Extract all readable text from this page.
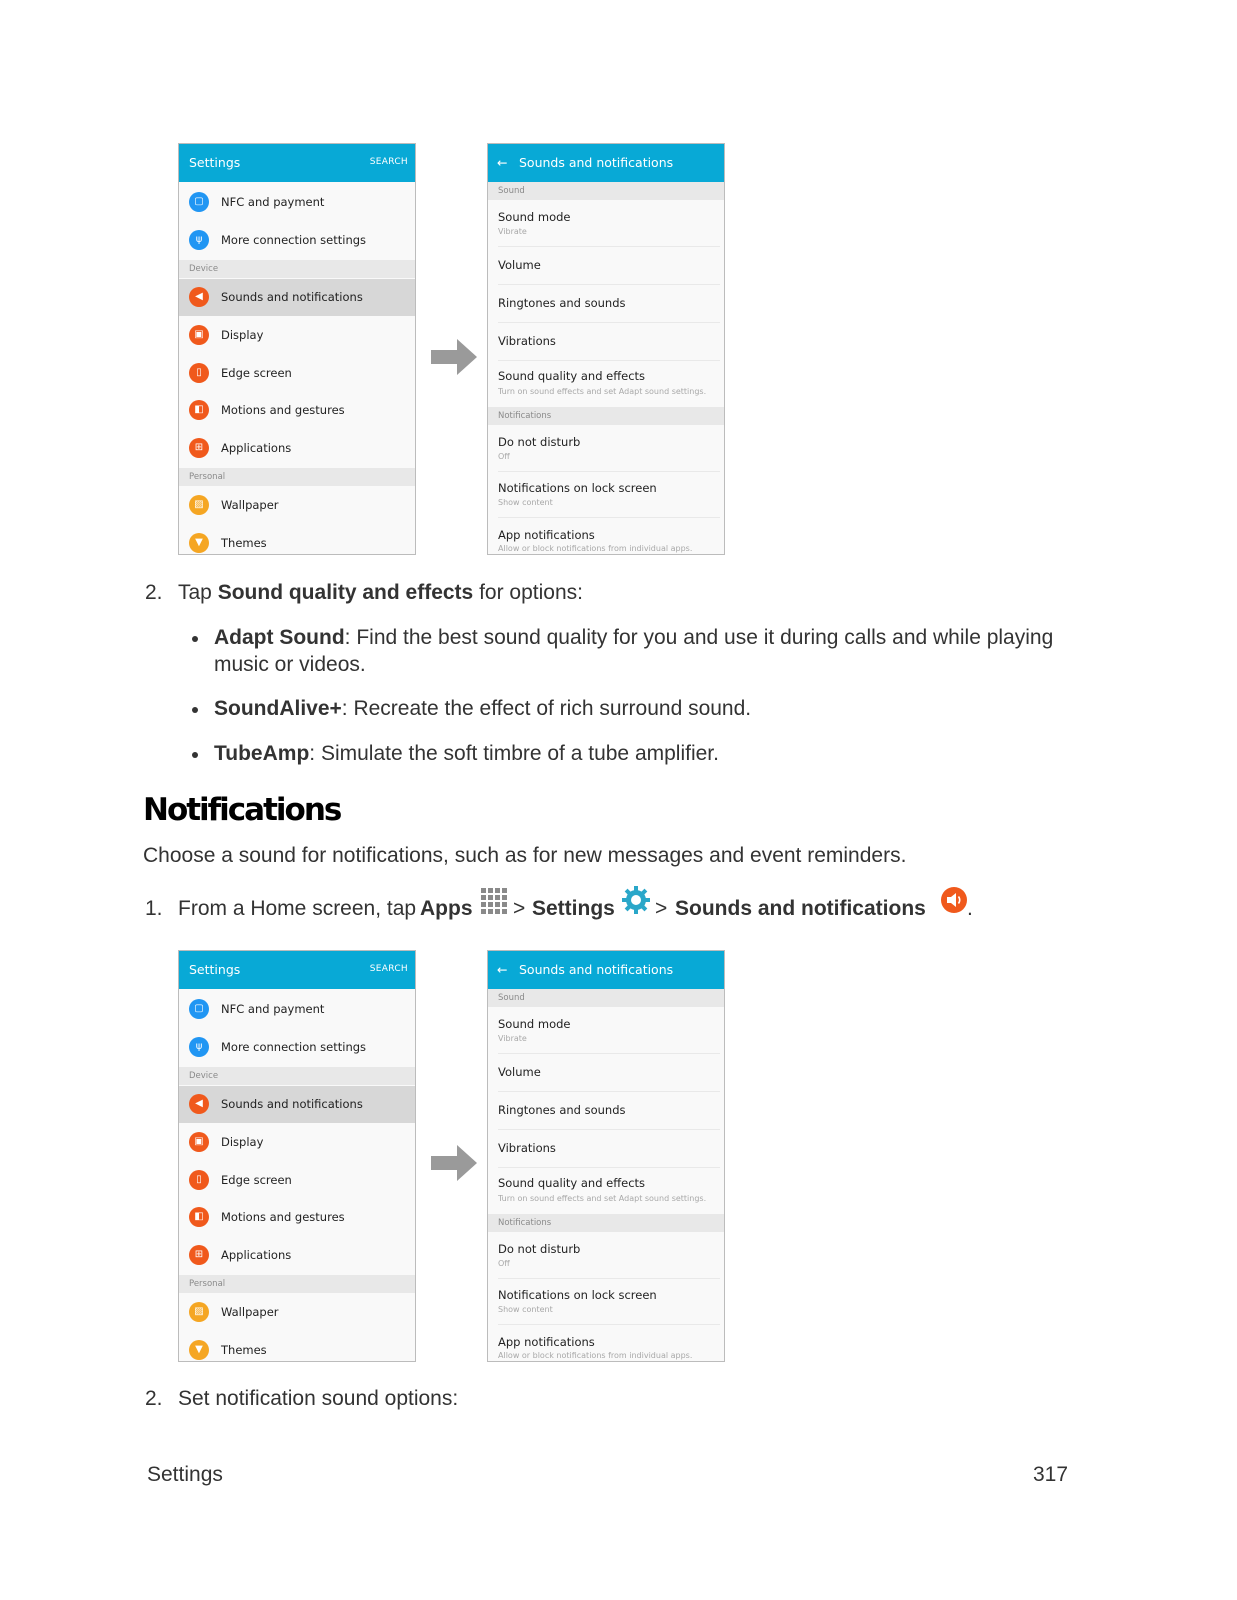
Settings	SEARCH
▢	NFC and payment
ψ	More connection settings
Device
◀	Sounds and notifications
▣	Display
▯	Edge screen
◧	Motions and gestures
⊞	Applications
Personal
▨	Wallpaper
▼	Themes
← Sounds and notifications
Sound
Sound mode
Vibrate
Volume
Ringtones and sounds
Vibrations
Sound quality and effects
Turn on sound effects and set Adapt sound settings.
Notifications
Do not disturb
Off
Notifications on lock screen
Show content
App notifications
Allow or block notifications from individual apps.
2. Tap Sound quality and effects for options:
Adapt Sound: Find the best sound quality for you and use it during calls and while playing
music or videos.
SoundAlive+: Recreate the effect of rich surround sound.
TubeAmp: Simulate the soft timbre of a tube amplifier.
Notifications
Choose a sound for notifications, such as for new messages and event reminders.
1. From a Home screen, tap Apps > Settings > Sounds and notifications .
Settings	SEARCH
▢	NFC and payment
ψ	More connection settings
Device
◀	Sounds and notifications
▣	Display
▯	Edge screen
◧	Motions and gestures
⊞	Applications
Personal
▨	Wallpaper
▼	Themes
← Sounds and notifications
Sound
Sound mode
Vibrate
Volume
Ringtones and sounds
Vibrations
Sound quality and effects
Turn on sound effects and set Adapt sound settings.
Notifications
Do not disturb
Off
Notifications on lock screen
Show content
App notifications
Allow or block notifications from individual apps.
2. Set notification sound options:
Settings	317
